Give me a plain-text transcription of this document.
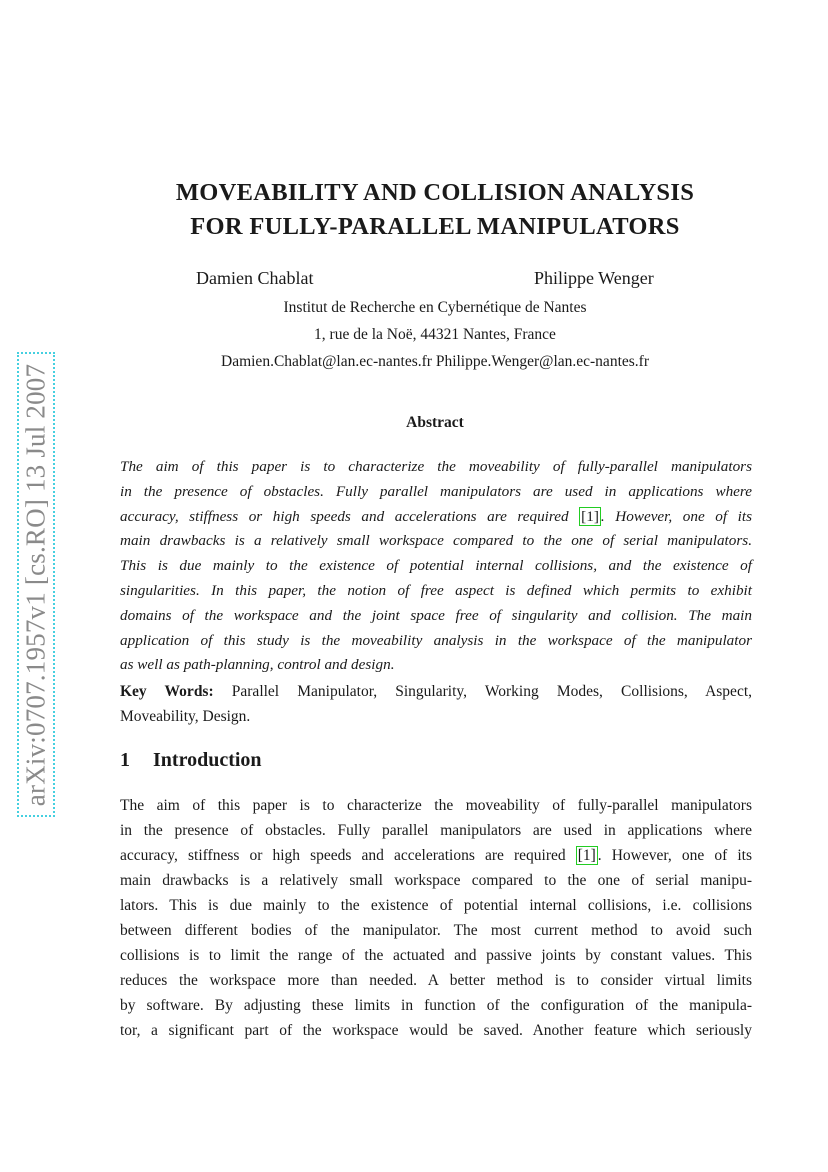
arXiv:0707.1957v1 [cs.RO] 13 Jul 2007
MOVEABILITY AND COLLISION ANALYSIS
FOR FULLY-PARALLEL MANIPULATORS
Damien Chablat	Philippe Wenger
Institut de Recherche en Cybernétique de Nantes
1, rue de la Noë, 44321 Nantes, France
Damien.Chablat@lan.ec-nantes.fr Philippe.Wenger@lan.ec-nantes.fr
Abstract
The aim of this paper is to characterize the moveability of fully-parallel manipulators
in the presence of obstacles. Fully parallel manipulators are used in applications where
accuracy, stiffness or high speeds and accelerations are required [1] . However, one of its
main drawbacks is a relatively small workspace compared to the one of serial manipulators.
This is due mainly to the existence of potential internal collisions, and the existence of
singularities. In this paper, the notion of free aspect is defined which permits to exhibit
domains of the workspace and the joint space free of singularity and collision. The main
application of this study is the moveability analysis in the workspace of the manipulator
as well as path-planning, control and design.
Key Words: Parallel Manipulator, Singularity, Working Modes, Collisions, Aspect,
Moveability, Design.
1 Introduction
The aim of this paper is to characterize the moveability of fully-parallel manipulators
in the presence of obstacles. Fully parallel manipulators are used in applications where
accuracy, stiffness or high speeds and accelerations are required [1] . However, one of its
main drawbacks is a relatively small workspace compared to the one of serial manipu-
lators. This is due mainly to the existence of potential internal collisions, i.e. collisions
between different bodies of the manipulator. The most current method to avoid such
collisions is to limit the range of the actuated and passive joints by constant values. This
reduces the workspace more than needed. A better method is to consider virtual limits
by software. By adjusting these limits in function of the configuration of the manipula-
tor, a significant part of the workspace would be saved. Another feature which seriously
